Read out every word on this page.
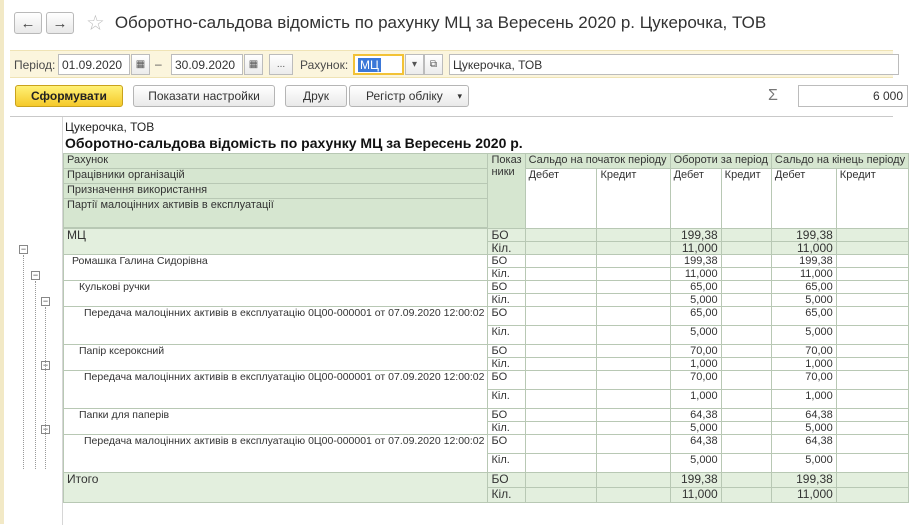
← → ☆ Оборотно-сальдова відомість по рахунку МЦ за Вересень 2020 р. Цукерочка, ТОВ
Період: 01.09.2020	▦ –	30.09.2020	▦	...	Рахунок: МЦ	▾ ⧉	Цукерочка, ТОВ
Сформувати	Показати настройки	Друк	Регістр обліку ▾	Σ	6 000
Цукерочка, ТОВ
Оборотно-сальдова відомість по рахунку МЦ за Вересень 2020 р.
Рахунок	Показ ники	Сальдо на початок періоду		Обороти за період		Сальдо на кінець періоду	
Працівники організацій		Дебет	Кредит	Дебет	Кредит	Дебет	Кредит
Призначення використання							
Партії малоцінних активів в експлуатації							

МЦ	БО			199,38		199,38	
	Кіл.			11,000		11,000	
Ромашка Галина Сидорівна	БО			199,38		199,38	
	Кіл.			11,000		11,000	
Кулькові ручки	БО			65,00		65,00	
	Кіл.			5,000		5,000	
Передача малоцінних активів в експлуатацію 0Ц00-000001 от 07.09.2020 12:00:02	БО			65,00		65,00	
	Кіл.			5,000		5,000	
Папір ксероксний	БО			70,00		70,00	
	Кіл.			1,000		1,000	
Передача малоцінних активів в експлуатацію 0Ц00-000001 от 07.09.2020 12:00:02	БО			70,00		70,00	
	Кіл.			1,000		1,000	
Папки для паперів	БО			64,38		64,38	
	Кіл.			5,000		5,000	
Передача малоцінних активів в експлуатацію 0Ц00-000001 от 07.09.2020 12:00:02	БО			64,38		64,38	
	Кіл.			5,000		5,000	
Итого	БО			199,38		199,38	
	Кіл.			11,000		11,000	
−
−
−
−
−
